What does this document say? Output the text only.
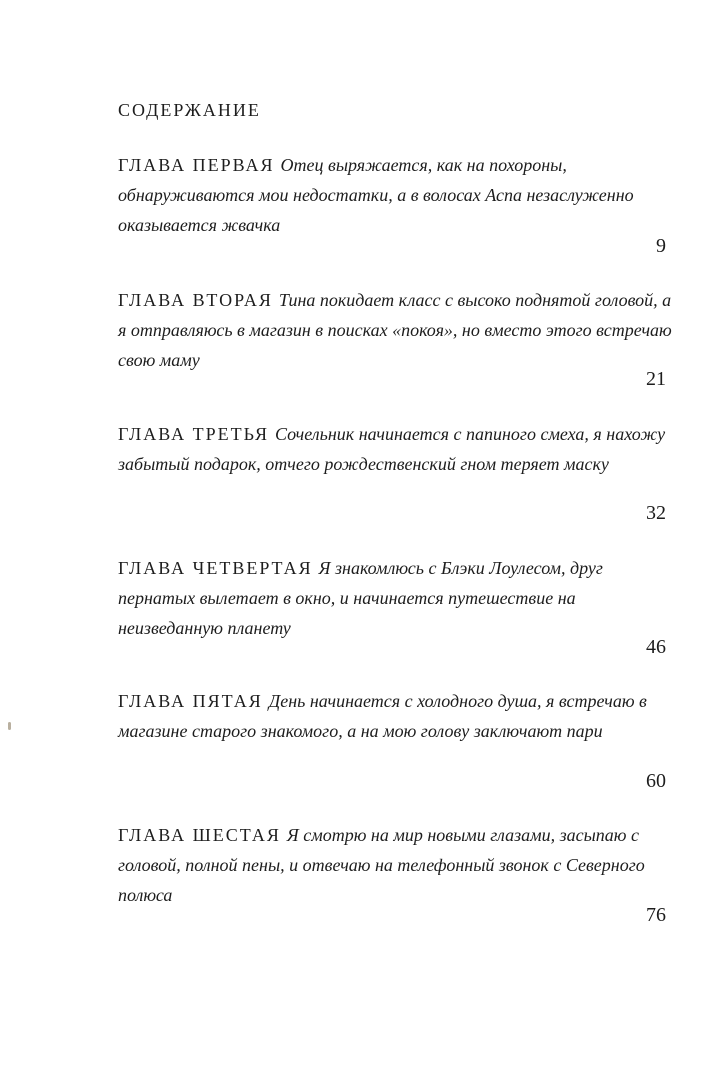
СОДЕРЖАНИЕ

ГЛАВА ПЕРВАЯ Отец выряжается, как на похороны, обнаруживаются мои недостатки, а в волосах Аспа незаслуженно оказывается жвачка

9

ГЛАВА ВТОРАЯ Тина покидает класс с высоко поднятой головой, а я отправляюсь в магазин в поисках «покоя», но вместо этого встречаю свою маму

21

ГЛАВА ТРЕТЬЯ Сочельник начинается с папиного смеха, я нахожу забытый подарок, отчего рождественский гном теряет маску

32

ГЛАВА ЧЕТВЕРТАЯ Я знакомлюсь с Блэки Лоулесом, друг пернатых вылетает в окно, и начинается путешествие на неизведанную планету

46

ГЛАВА ПЯТАЯ День начинается с холодного душа, я встречаю в магазине старого знакомого, а на мою голову заключают пари

60

ГЛАВА ШЕСТАЯ Я смотрю на мир новыми глазами, засыпаю с головой, полной пены, и отвечаю на телефонный звонок с Северного полюса

76
